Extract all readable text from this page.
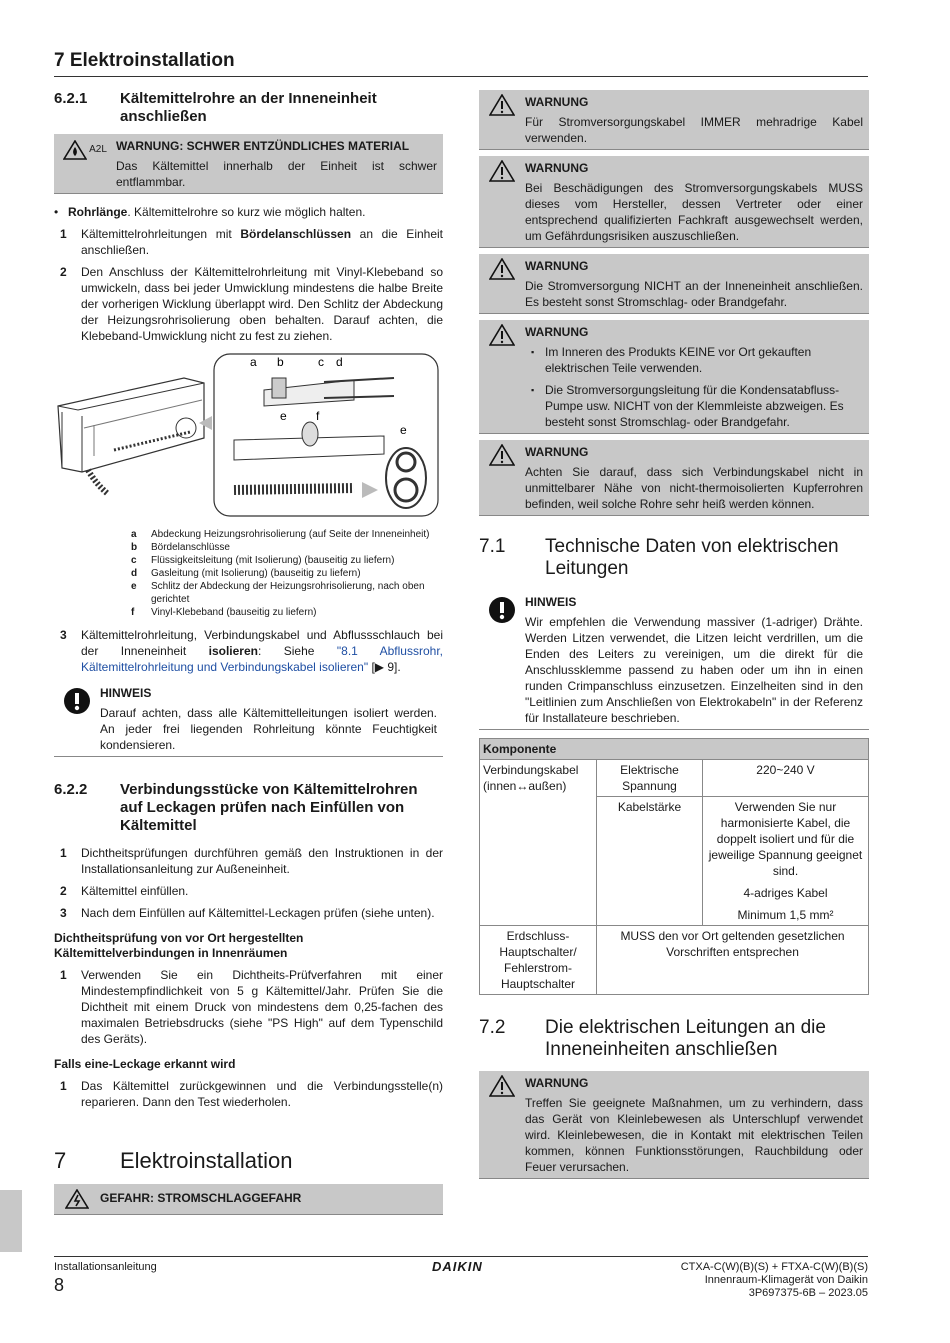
7 Elektroinstallation
6.2.1	Kältemittelrohre an der Inneneinheit anschließen
A2L WARNUNG: SCHWER ENTZÜNDLICHES MATERIAL
Das Kältemittel innerhalb der Einheit ist schwer entflammbar.
• Rohrlänge. Kältemittelrohre so kurz wie möglich halten.
1	Kältemittelrohrleitungen mit Bördelanschlüssen an die Einheit anschließen.
2	Den Anschluss der Kältemittelrohrleitung mit Vinyl-Klebeband so umwickeln, dass bei jeder Umwicklung mindestens die halbe Breite der vorherigen Wicklung überlappt wird. Den Schlitz der Abdeckung der Heizungsrohrisolierung oben behalten. Darauf achten, die Klebeband-Umwicklung nicht zu fest zu ziehen.
a b	c d
e f
e
a	Abdeckung Heizungsrohrisolierung (auf Seite der Inneneinheit)
b	Bördelanschlüsse
c	Flüssigkeitsleitung (mit Isolierung) (bauseitig zu liefern)
d	Gasleitung (mit Isolierung) (bauseitig zu liefern)
e	Schlitz der Abdeckung der Heizungsrohrisolierung, nach oben gerichtet
f	Vinyl-Klebeband (bauseitig zu liefern)
3	Kältemittelrohrleitung, Verbindungskabel und Abflussschlauch bei der Inneneinheit isolieren: Siehe "8.1 Abflussrohr, Kältemittelrohrleitung und Verbindungskabel isolieren" [▶ 9].
HINWEIS
Darauf achten, dass alle Kältemittelleitungen isoliert werden. An jeder frei liegenden Rohrleitung könnte Feuchtigkeit kondensieren.
6.2.2	Verbindungsstücke von Kältemittelrohren auf Leckagen prüfen nach Einfüllen von Kältemittel
1	Dichtheitsprüfungen durchführen gemäß den Instruktionen in der Installationsanleitung zur Außeneinheit.
2	Kältemittel einfüllen.
3	Nach dem Einfüllen auf Kältemittel-Leckagen prüfen (siehe unten).
Dichtheitsprüfung von vor Ort hergestellten Kältemittelverbindungen in Innenräumen
1	Verwenden Sie ein Dichtheits-Prüfverfahren mit einer Mindestempfindlichkeit von 5 g Kältemittel/Jahr. Prüfen Sie die Dichtheit mit einem Druck von mindestens dem 0,25-fachen des maximalen Betriebsdrucks (siehe "PS High" auf dem Typenschild des Geräts).
Falls eine-Leckage erkannt wird
1	Das Kältemittel zurückgewinnen und die Verbindungsstelle(n) reparieren. Dann den Test wiederholen.
7	Elektroinstallation
GEFAHR: STROMSCHLAGGEFAHR
WARNUNG
Für Stromversorgungskabel IMMER mehradrige Kabel verwenden.
WARNUNG
Bei Beschädigungen des Stromversorgungskabels MUSS dieses vom Hersteller, dessen Vertreter oder einer entsprechend qualifizierten Fachkraft ausgewechselt werden, um Gefährdungsrisiken auszuschließen.
WARNUNG
Die Stromversorgung NICHT an der Inneneinheit anschließen. Es besteht sonst Stromschlag- oder Brandgefahr.
WARNUNG
▪ Im Inneren des Produkts KEINE vor Ort gekauften elektrischen Teile verwenden.
▪ Die Stromversorgungsleitung für die Kondensatabfluss-Pumpe usw. NICHT von der Klemmleiste abzweigen. Es besteht sonst Stromschlag- oder Brandgefahr.
WARNUNG
Achten Sie darauf, dass sich Verbindungskabel nicht in unmittelbarer Nähe von nicht-thermoisolierten Kupferrohren befinden, weil solche Rohre sehr heiß werden können.
7.1	Technische Daten von elektrischen Leitungen
HINWEIS
Wir empfehlen die Verwendung massiver (1-adriger) Drähte. Werden Litzen verwendet, die Litzen leicht verdrillen, um die Enden des Leiters zu vereinigen, um die direkt für die Anschlussklemme passend zu haben oder um ihn in einen runden Crimpanschluss einzusetzen. Einzelheiten sind in den "Leitlinien zum Anschließen von Elektrokabeln" in der Referenz für Installateure beschrieben.
Komponente		
Verbindungskabel (innen↔außen)	Elektrische Spannung	220~240 V
	Kabelstärke	Verwenden Sie nur harmonisierte Kabel, die doppelt isoliert und für die jeweilige Spannung geeignet sind.
4-adriges Kabel
Minimum 1,5 mm²

Erdschluss-Hauptschalter/ Fehlerstrom-Hauptschalter	MUSS den vor Ort geltenden gesetzlichen Vorschriften entsprechen	
7.2	Die elektrischen Leitungen an die Inneneinheiten anschließen
WARNUNG
Treffen Sie geeignete Maßnahmen, um zu verhindern, dass das Gerät von Kleinlebewesen als Unterschlupf verwendet wird. Kleinlebewesen, die in Kontakt mit elektrischen Teilen kommen, können Funktionsstörungen, Rauchbildung oder Feuer verursachen.
Installationsanleitung
8
DAIKIN	CTXA-C(W)(B)(S) + FTXA-C(W)(B)(S)
Innenraum-Klimagerät von Daikin
3P697375-6B – 2023.05
